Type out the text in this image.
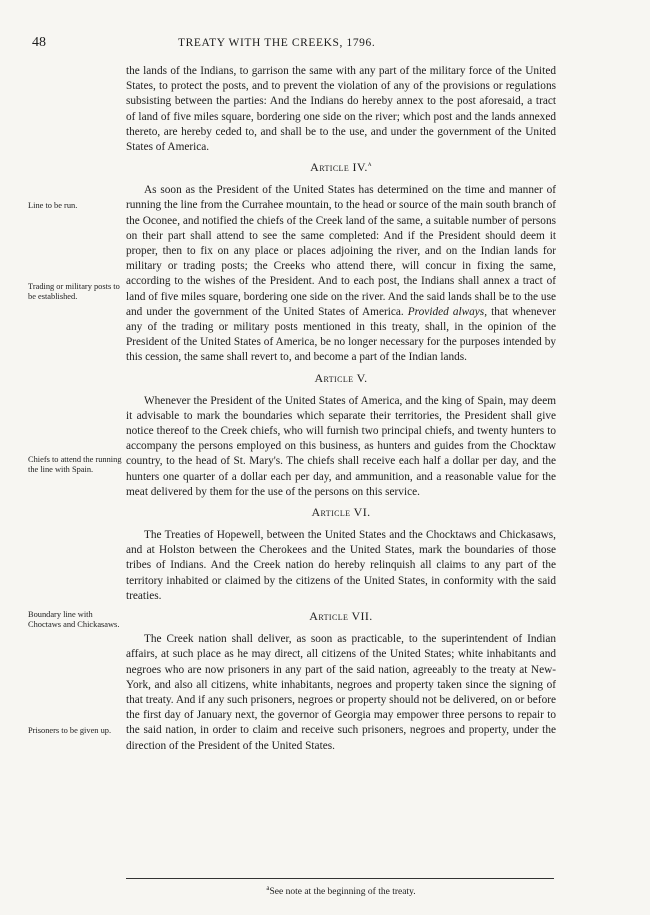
48	TREATY WITH THE CREEKS, 1796.
Line to be run.
Trading or military posts to be established.
Chiefs to attend the running the line with Spain.
Boundary line with Choctaws and Chickasaws.
Prisoners to be given up.

the lands of the Indians, to garrison the same with any part of the military force of the United States, to protect the posts, and to prevent the violation of any of the provisions or regulations subsisting between the parties: And the Indians do hereby annex to the post aforesaid, a tract of land of five miles square, bordering one side on the river; which post and the lands annexed thereto, are hereby ceded to, and shall be to the use, and under the government of the United States of America.

Article IV.$^a$

As soon as the President of the United States has determined on the time and manner of running the line from the Currahee mountain, to the head or source of the main south branch of the Oconee, and notified the chiefs of the Creek land of the same, a suitable number of persons on their part shall attend to see the same completed: And if the President should deem it proper, then to fix on any place or places adjoining the river, and on the Indian lands for military or trading posts; the Creeks who attend there, will concur in fixing the same, according to the wishes of the President. And to each post, the Indians shall annex a tract of land of five miles square, bordering one side on the river. And the said lands shall be to the use and under the government of the United States of America. Provided always, that whenever any of the trading or military posts mentioned in this treaty, shall, in the opinion of the President of the United States of America, be no longer necessary for the purposes intended by this cession, the same shall revert to, and become a part of the Indian lands.

Article V.

Whenever the President of the United States of America, and the king of Spain, may deem it advisable to mark the boundaries which separate their territories, the President shall give notice thereof to the Creek chiefs, who will furnish two principal chiefs, and twenty hunters to accompany the persons employed on this business, as hunters and guides from the Chocktaw country, to the head of St. Mary's. The chiefs shall receive each half a dollar per day, and the hunters one quarter of a dollar each per day, and ammunition, and a reasonable value for the meat delivered by them for the use of the persons on this service.

Article VI.

The Treaties of Hopewell, between the United States and the Chocktaws and Chickasaws, and at Holston between the Cherokees and the United States, mark the boundaries of those tribes of Indians. And the Creek nation do hereby relinquish all claims to any part of the territory inhabited or claimed by the citizens of the United States, in conformity with the said treaties.

Article VII.

The Creek nation shall deliver, as soon as practicable, to the superintendent of Indian affairs, at such place as he may direct, all citizens of the United States; white inhabitants and negroes who are now prisoners in any part of the said nation, agreeably to the treaty at New-York, and also all citizens, white inhabitants, negroes and property taken since the signing of that treaty. And if any such prisoners, negroes or property should not be delivered, on or before the first day of January next, the governor of Georgia may empower three persons to repair to the said nation, in order to claim and receive such prisoners, negroes and property, under the direction of the President of the United States.

$^a$See note at the beginning of the treaty.
